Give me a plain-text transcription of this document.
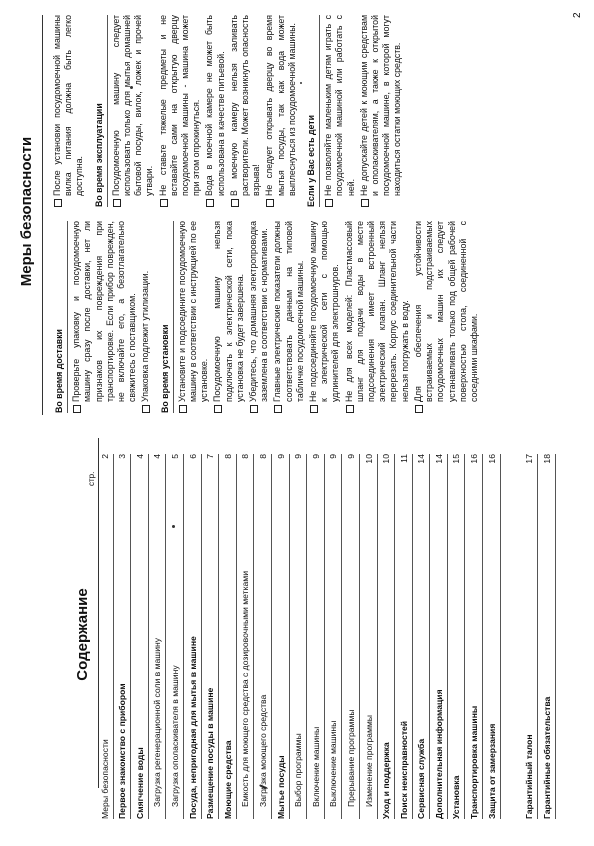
Содержание
стр.
Меры безопасности
2
Первое знакомство с прибором
3
Смягчение воды
4
Загрузка регенерационной соли в машину
4
Загрузка ополаскивателя в машину
5
Посуда, непригодная для мытья в машине
6
Размещение посуды в машине
7
Моющие средства
8
Емкость для моющего средства с дозировочными метками
8
Загрузка моющего средства
8
Мытье посуды
9
Выбор программы
9
Включение машины
9
Выключение машины
9
Прерывание программы
9
Изменение программы
10
Уход и поддержка
10
Поиск неисправностей
11
Сервисная служба
14
Дополнительная информация
14
Установка
15
Транспортировка машины
16
Защита от замерзания
16
Гарантийный талон
17
Гарантийные обязательства
18
Меры безопасности
Во время доставки Проверьте упаковку и посудомоечную машину сразу после доставки, нет ли признаков их повреждения при транспортировке. Если прибор поврежден, не включайте его, а безотлагательно свяжитесь с поставщиком. Упаковка подлежит утилизации. Во время установки Установите и подсоедините посудомоечную машину в соответствии с инструкцией по ее установке. Посудомоечную машину нельзя подключать к электрической сети, пока установка не будет завершена. Убедитесь, что домашняя электропроводка заземлена в соответствии с нормативами. Главные электрические показатели должны соответствовать данным на типовой табличке посудомоечной машины. Не подсоединяйте посудомоечную машину к электрической сети с помощью удлинителей для электрошнуров. Не для всех моделей: Пластмассовый шланг для подачи воды в месте подсоединения имеет встроенный электрический клапан. Шланг нельзя перерезать. Корпус соединительной части нельзя погружать в воду. Для обеспечения устойчивости встраиваемых и подстраиваемых посудомоечных машин их следует устанавливать только под общей рабочей поверхностью стола, соединенной с соседними шкафами.
После установки посудомоечной машины вилка питания должна быть легко доступна. Во время эксплуатации Посудомоечную машину следует использовать только для мытья домашней бытовой посуды, вилок, ложек и прочей утвари. Не ставьте тяжелые предметы и не вставайте сами на открытую дверцу посудомоечной машины - машина может при этом опрокинуться. Вода в моечной камере не может быть использована в качестве питьевой. В моечную камеру нельзя заливать растворители. Может возникнуть опасность взрыва! Не следует открывать дверцу во время мытья посуды, так как вода может выплеснуться из посудомоечной машины. Если у Вас есть дети Не позволяйте маленьким детям играть с посудомоечной машиной или работать с ней. Не допускайте детей к моющим средствам и ополаскивателям, а также к открытой посудомоечной машине, в которой могут находиться остатки моющих средств.
2
